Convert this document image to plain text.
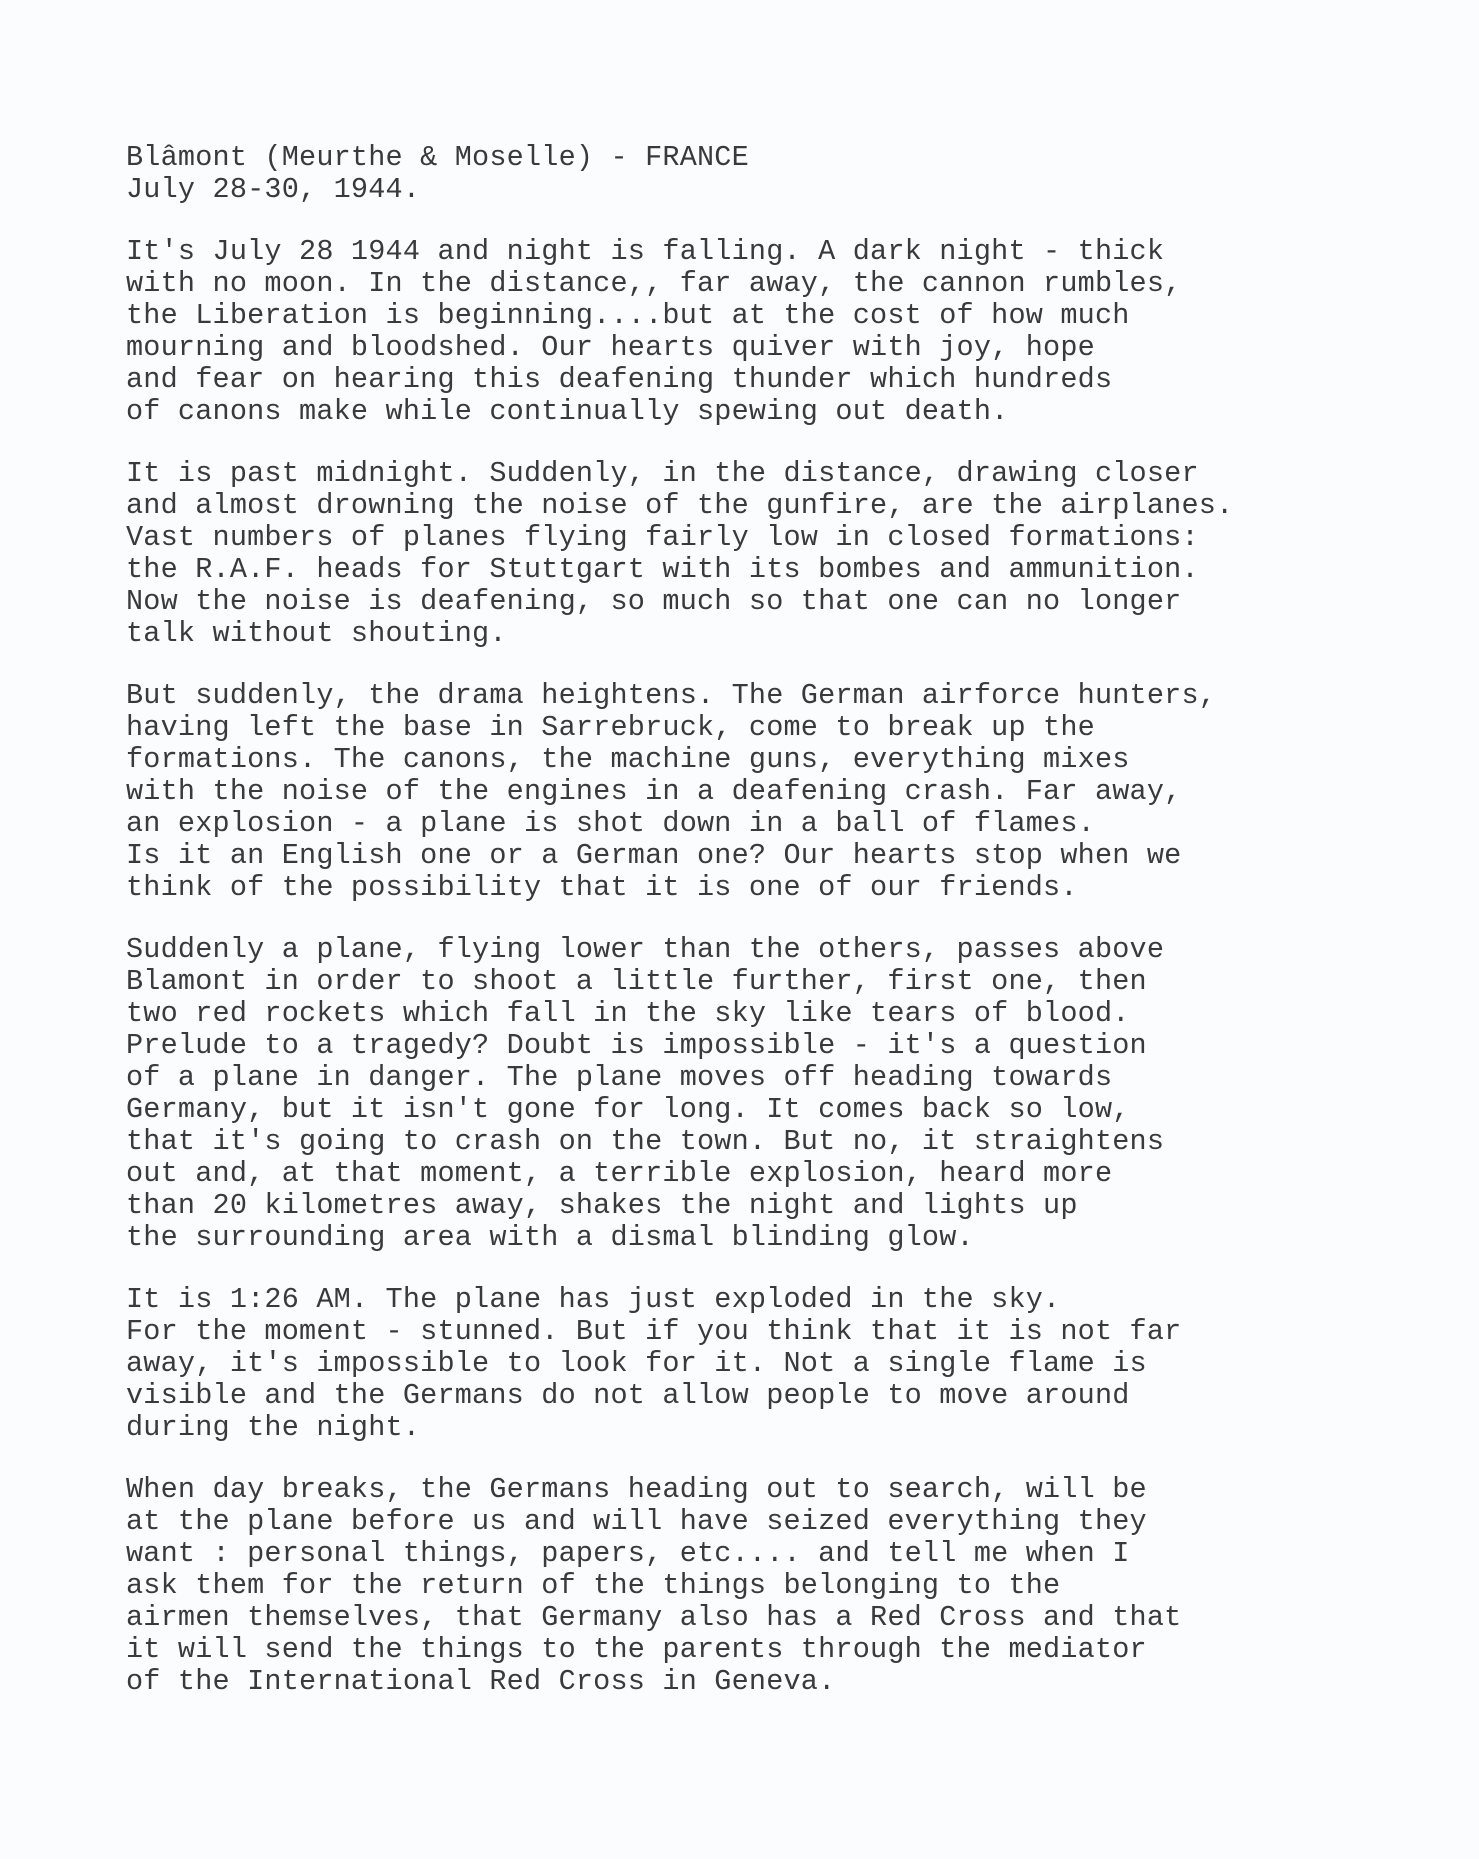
Blâmont (Meurthe & Moselle) - FRANCE
July 28-30, 1944.
It's July 28 1944 and night is falling. A dark night - thick
with no moon. In the distance,, far away, the cannon rumbles,
the Liberation is beginning....but at the cost of how much
mourning and bloodshed. Our hearts quiver with joy, hope
and fear on hearing this deafening thunder which hundreds
of canons make while continually spewing out death.
It is past midnight. Suddenly, in the distance, drawing closer
and almost drowning the noise of the gunfire, are the airplanes.
Vast numbers of planes flying fairly low in closed formations:
the R.A.F. heads for Stuttgart with its bombes and ammunition.
Now the noise is deafening, so much so that one can no longer
talk without shouting.
But suddenly, the drama heightens. The German airforce hunters,
having left the base in Sarrebruck, come to break up the
formations. The canons, the machine guns, everything mixes
with the noise of the engines in a deafening crash. Far away,
an explosion - a plane is shot down in a ball of flames.
Is it an English one or a German one? Our hearts stop when we
think of the possibility that it is one of our friends.
Suddenly a plane, flying lower than the others, passes above
Blamont in order to shoot a little further, first one, then
two red rockets which fall in the sky like tears of blood.
Prelude to a tragedy? Doubt is impossible - it's a question
of a plane in danger. The plane moves off heading towards
Germany, but it isn't gone for long. It comes back so low,
that it's going to crash on the town. But no, it straightens
out and, at that moment, a terrible explosion, heard more
than 20 kilometres away, shakes the night and lights up
the surrounding area with a dismal blinding glow.
It is 1:26 AM. The plane has just exploded in the sky.
For the moment - stunned. But if you think that it is not far
away, it's impossible to look for it. Not a single flame is
visible and the Germans do not allow people to move around
during the night.
When day breaks, the Germans heading out to search, will be
at the plane before us and will have seized everything they
want : personal things, papers, etc.... and tell me when I
ask them for the return of the things belonging to the
airmen themselves, that Germany also has a Red Cross and that
it will send the things to the parents through the mediator
of the International Red Cross in Geneva.
